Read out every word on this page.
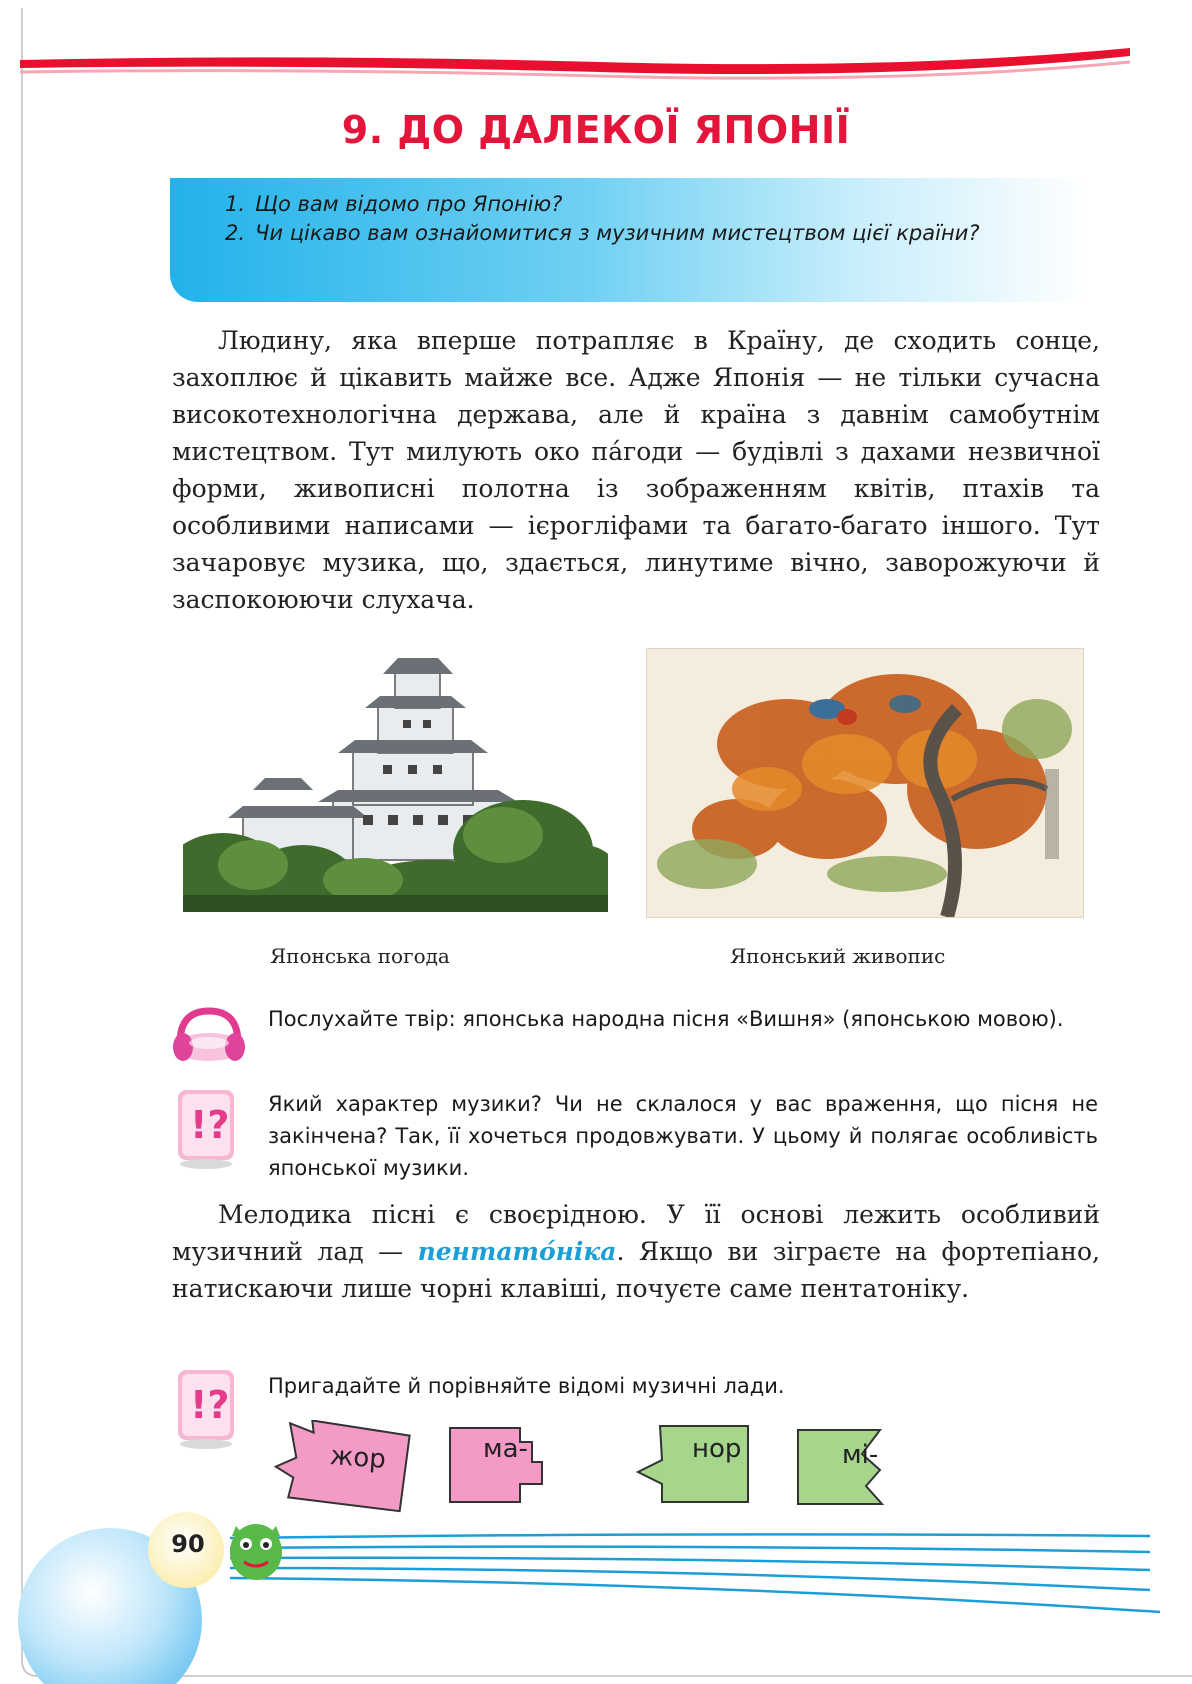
9. ДО ДАЛЕКОЇ ЯПОНІЇ
1. Що вам відомо про Японію?
2. Чи цікаво вам ознайомитися з музичним мистецтвом цієї країни?

Людину, яка вперше потрапляє в Країну, де сходить сонце, захоплює й цікавить майже все. Адже Японія — не тільки сучасна високотехнологічна держава, але й країна з давнім самобутнім мистецтвом. Тут милують око па́годи — будівлі з дахами незвичної форми, живописні полотна із зображенням квітів, птахів та особливими написами — ієрогліфами та багато-багато іншого. Тут зачаровує музика, що, здається, линутиме вічно, заворожуючи й заспокоюючи слухача.

Японська погода	Японський живопис
Послухайте твір: японська народна пісня «Вишня» (японською мовою).
!? Який характер музики? Чи не склалося у вас враження, що пісня не закінчена? Так, її хочеться продовжувати. У цьому й полягає особливість японської музики.

Мелодика пісні є своєрідною. У її основі лежить особливий музичний лад — пентато́ніка. Якщо ви зіграєте на фортепіано, натискаючи лише чорні клавіші, почуєте саме пентатоніку.

!? Пригадайте й порівняйте відомі музичні лади.
жор	ма-	нор	мі-
90
